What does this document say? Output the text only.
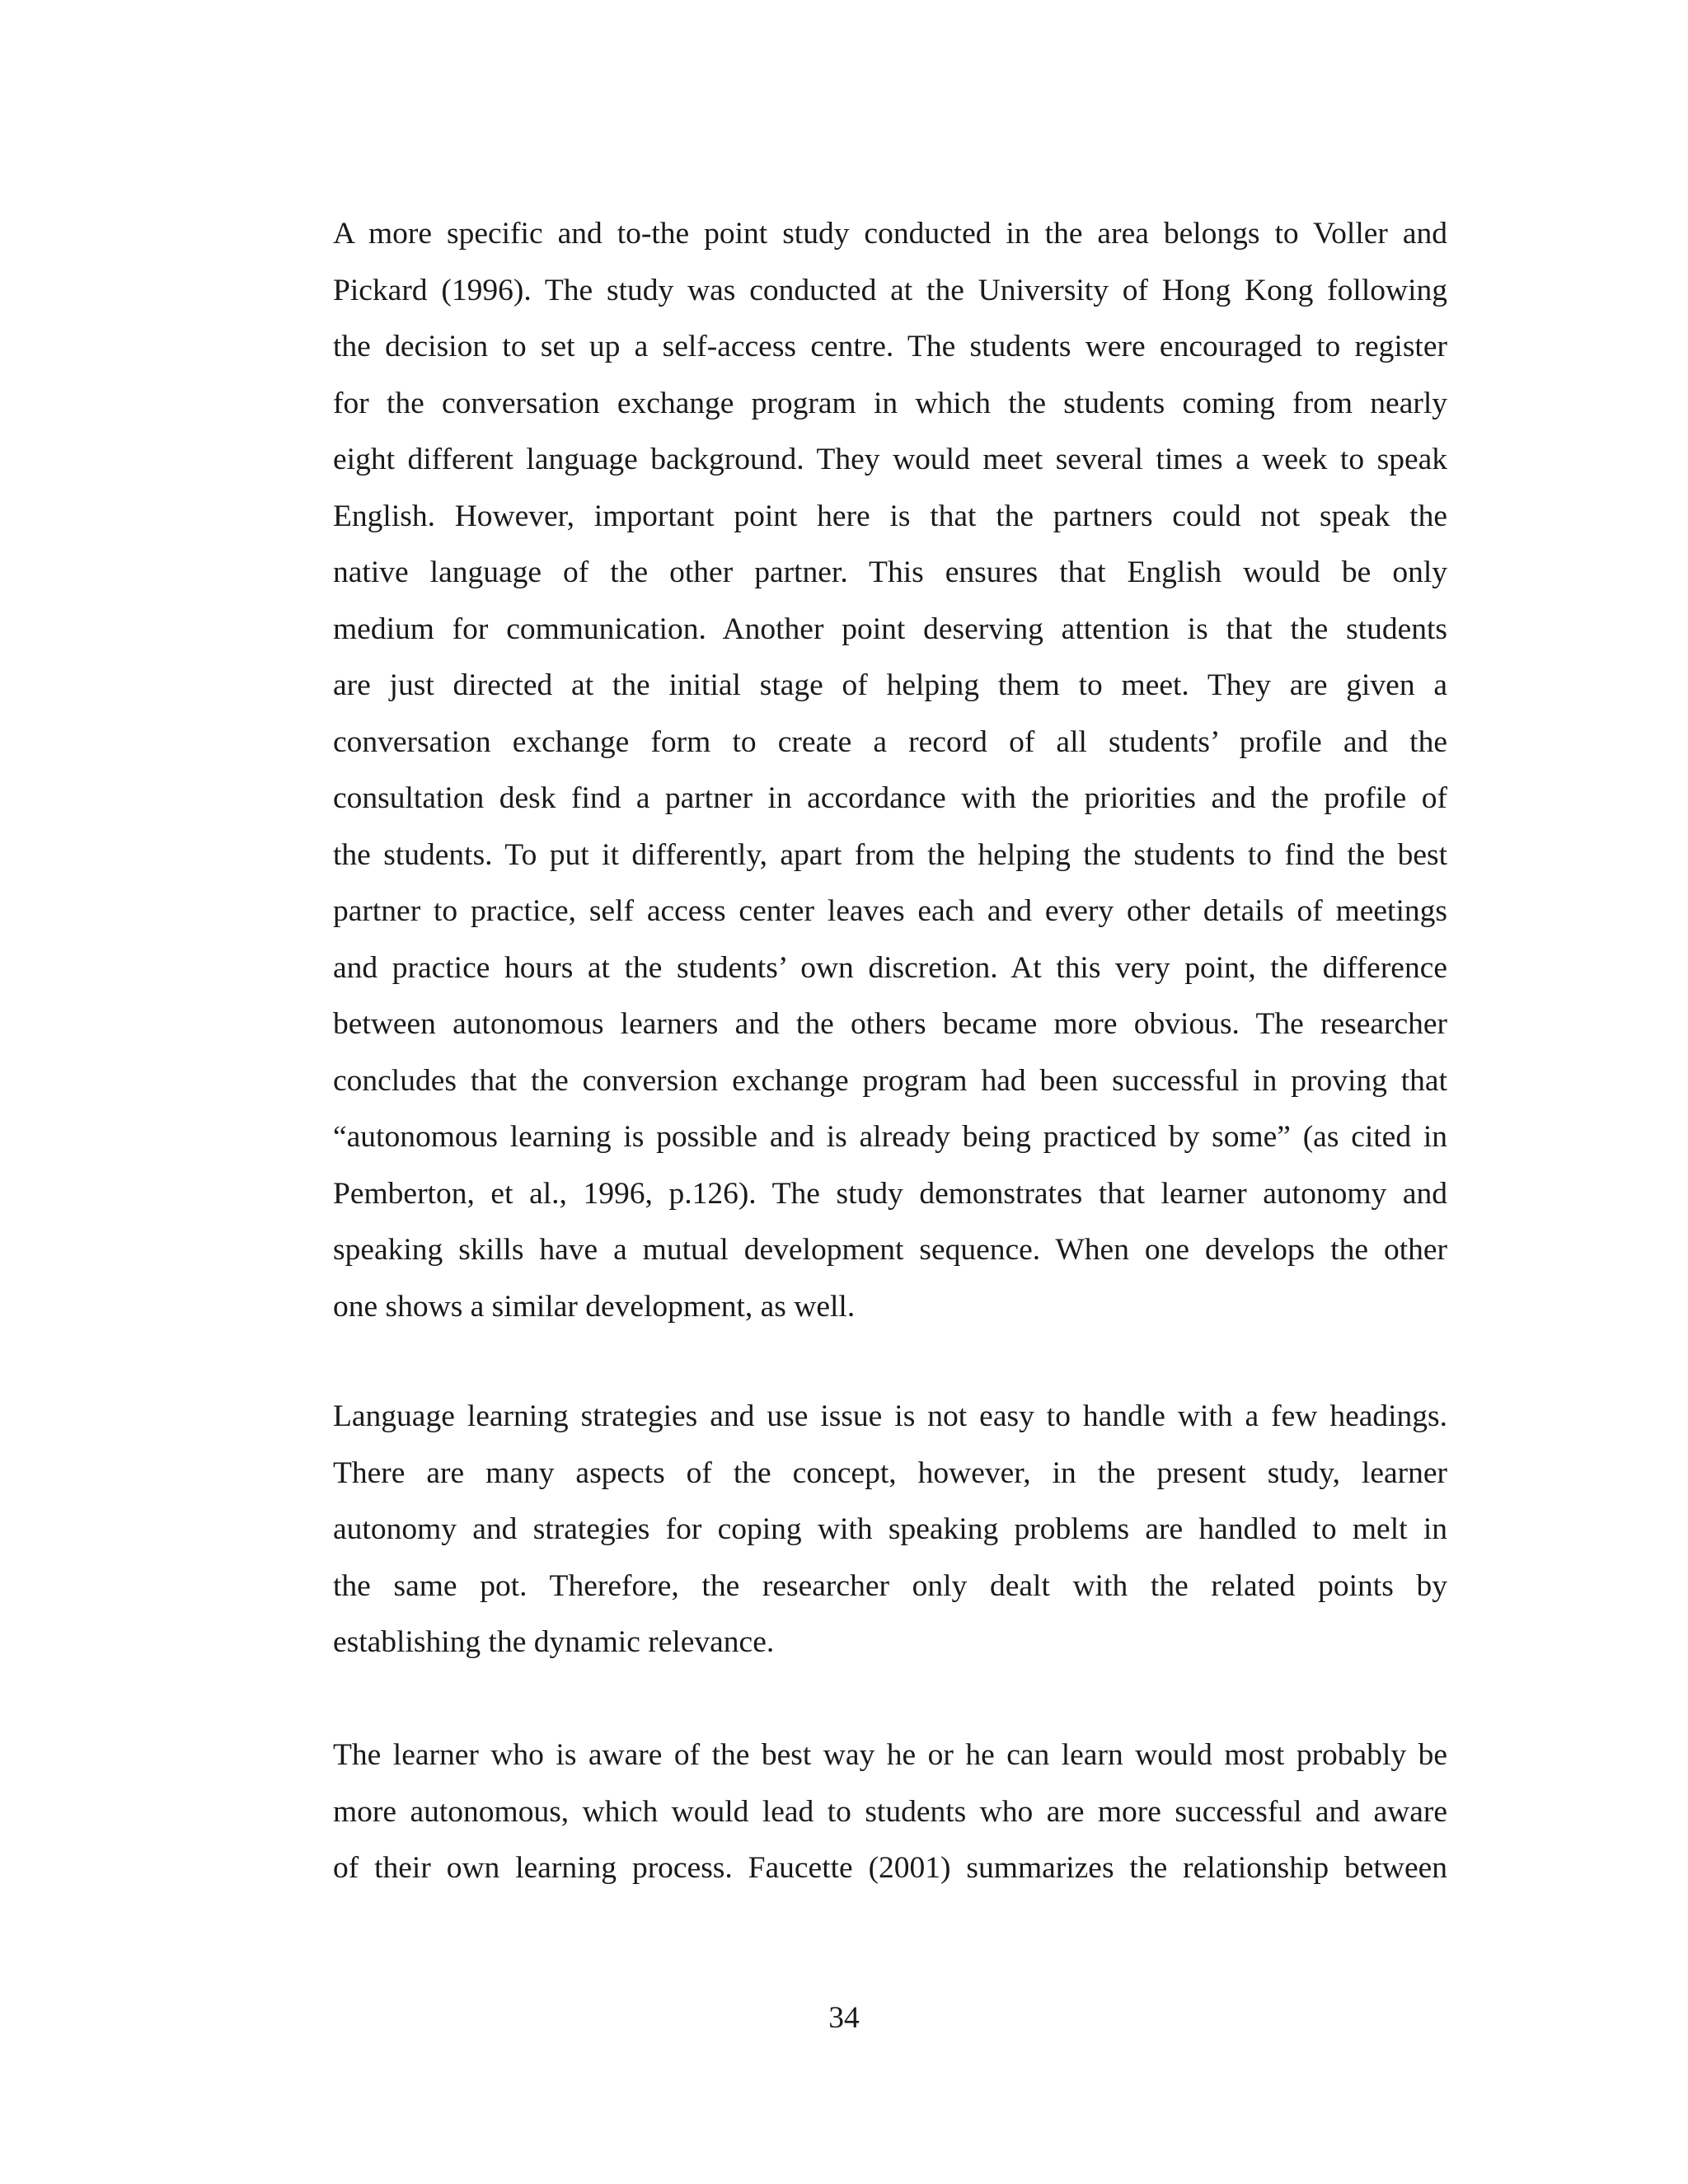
A more specific and to-the point study conducted in the area belongs to Voller and
Pickard (1996). The study was conducted at the University of Hong Kong following
the decision to set up a self-access centre. The students were encouraged to register
for the conversation exchange program in which the students coming from nearly
eight different language background. They would meet several times a week to speak
English. However, important point here is that the partners could not speak the
native language of the other partner. This ensures that English would be only
medium for communication. Another point deserving attention is that the students
are just directed at the initial stage of helping them to meet. They are given a
conversation exchange form to create a record of all students’ profile and the
consultation desk find a partner in accordance with the priorities and the profile of
the students. To put it differently, apart from the helping the students to find the best
partner to practice, self access center leaves each and every other details of meetings
and practice hours at the students’ own discretion. At this very point, the difference
between autonomous learners and the others became more obvious. The researcher
concludes that the conversion exchange program had been successful in proving that
“autonomous learning is possible and is already being practiced by some” (as cited in
Pemberton, et al., 1996, p.126). The study demonstrates that learner autonomy and
speaking skills have a mutual development sequence. When one develops the other
one shows a similar development, as well.
Language learning strategies and use issue is not easy to handle with a few headings.
There are many aspects of the concept, however, in the present study, learner
autonomy and strategies for coping with speaking problems are handled to melt in
the same pot. Therefore, the researcher only dealt with the related points by
establishing the dynamic relevance.
The learner who is aware of the best way he or he can learn would most probably be
more autonomous, which would lead to students who are more successful and aware
of their own learning process. Faucette (2001) summarizes the relationship between
34
